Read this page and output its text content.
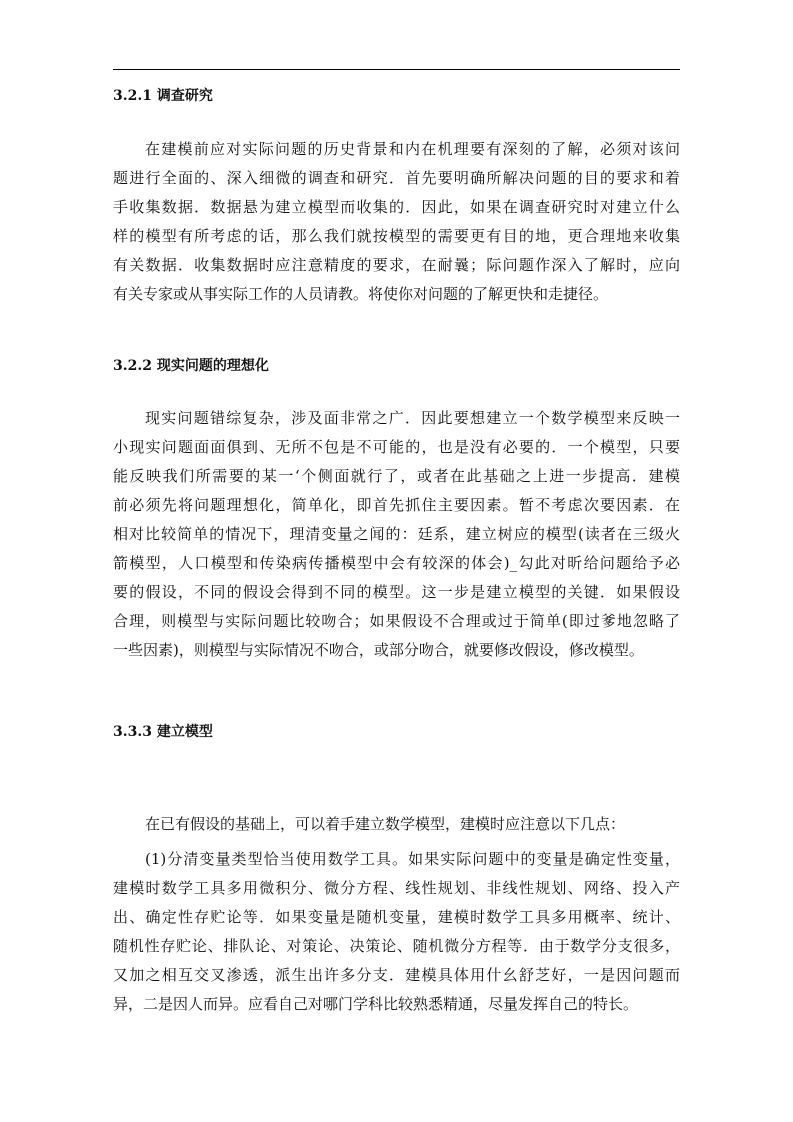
3.2.1 调查研究
在建模前应对实际问题的历史背景和内在机理要有深刻的了解，必须对该问
题进行全面的、深入细微的调查和研究．首先要明确所解决问题的目的要求和着
手收集数据．数据悬为建立模型而收集的．因此，如果在调查研究时对建立什么
样的模型有所考虑的话，那么我们就按模型的需要更有目的地，更合理地来收集
有关数据．收集数据时应注意精度的要求，在耐曩；际问题作深入了解时，应向
有关专家或从事实际工作的人员请教。将使你对问题的了解更快和走捷径。
3.2.2 现实问题的理想化
现实问题错综复杂，涉及面非常之广．因此要想建立一个数学模型来反映一
小现实问题面面俱到、无所不包是不可能的，也是没有必要的．一个模型，只要
能反映我们所需要的某一‘个侧面就行了，或者在此基础之上进一步提高．建模
前必须先将问题理想化，简单化，即首先抓住主要因素。暂不考虑次要因素．在
相对比较简单的情况下，理清变量之闻的：廷系，建立树应的模型(读者在三级火
箭模型，人口模型和传染病传播模型中会有较深的体会)_勾此对昕给问题给予必
要的假设，不同的假设会得到不同的模型。这一步是建立模型的关键．如果假设
合理，则模型与实际问题比较吻合；如果假设不合理或过于简单(即过爹地忽略了
一些因素)，则模型与实际情况不吻合，或部分吻合，就要修改假设，修改模型。
3.3.3 建立模型
在已有假设的基础上，可以着手建立数学模型，建模时应注意以下几点：
(1)分清变量类型恰当使用数学工具。如果实际问题中的变量是确定性变量，
建模时数学工具多用微积分、微分方程、线性规划、非线性规划、网络、投入产
出、确定性存贮论等．如果变量是随机变量，建模时数学工具多用概率、统计、
随机性存贮论、排队论、对策论、决策论、随机微分方程等．由于数学分支很多，
又加之相互交叉渗透，派生出许多分支．建模具体用什幺舒芝好，一是因问题而
异，二是因人而异。应看自己对哪门学科比较熟悉精通，尽量发挥自己的特长。
